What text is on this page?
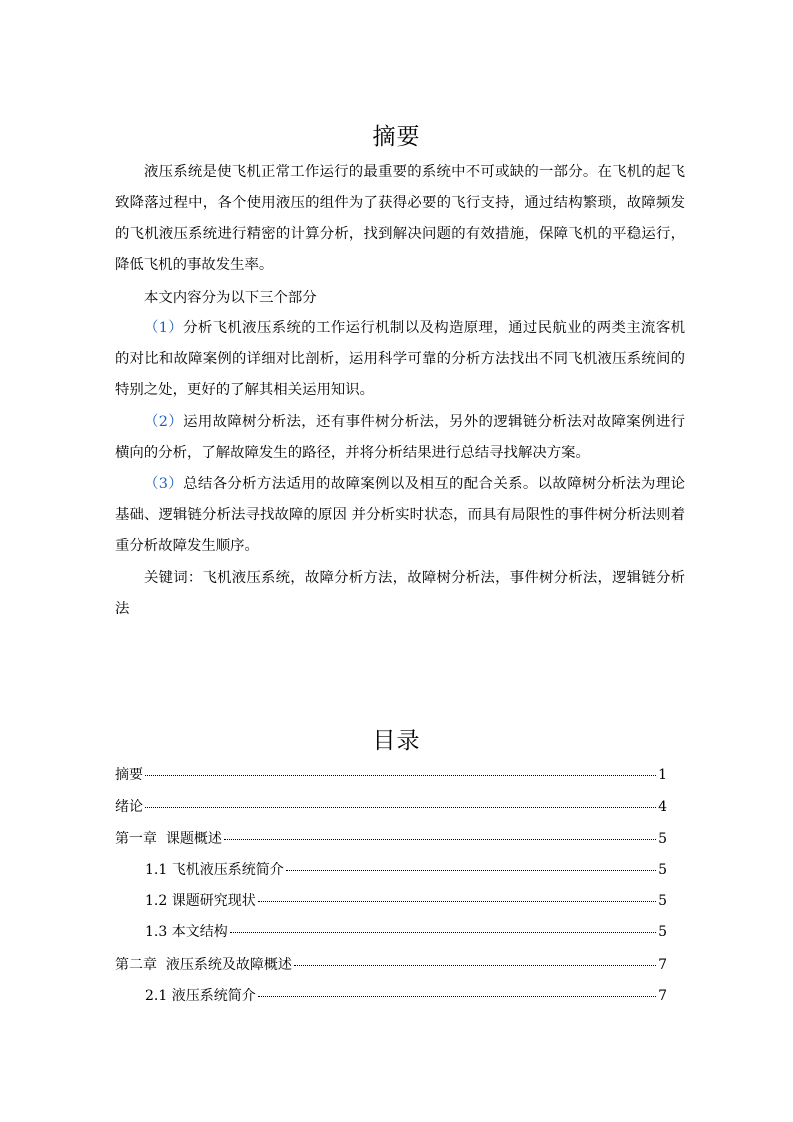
摘要
液压系统是使飞机正常工作运行的最重要的系统中不可或缺的一部分。在飞机的起飞致降落过程中，各个使用液压的组件为了获得必要的飞行支持，通过结构繁琐，故障频发的飞机液压系统进行精密的计算分析，找到解决问题的有效措施，保障飞机的平稳运行，降低飞机的事故发生率。
本文内容分为以下三个部分
（1）分析飞机液压系统的工作运行机制以及构造原理，通过民航业的两类主流客机的对比和故障案例的详细对比剖析，运用科学可靠的分析方法找出不同飞机液压系统间的特别之处，更好的了解其相关运用知识。
（2）运用故障树分析法，还有事件树分析法，另外的逻辑链分析法对故障案例进行横向的分析，了解故障发生的路径，并将分析结果进行总结寻找解决方案。
（3）总结各分析方法适用的故障案例以及相互的配合关系。以故障树分析法为理论基础、逻辑链分析法寻找故障的原因 并分析实时状态，而具有局限性的事件树分析法则着重分析故障发生顺序。
关键词：飞机液压系统，故障分析方法，故障树分析法，事件树分析法，逻辑链分析法
目录
摘要	1
绪论	4
第一章  课题概述	5
1.1 飞机液压系统简介	5
1.2 课题研究现状	5
1.3 本文结构	5
第二章  液压系统及故障概述	7
2.1 液压系统简介	7
